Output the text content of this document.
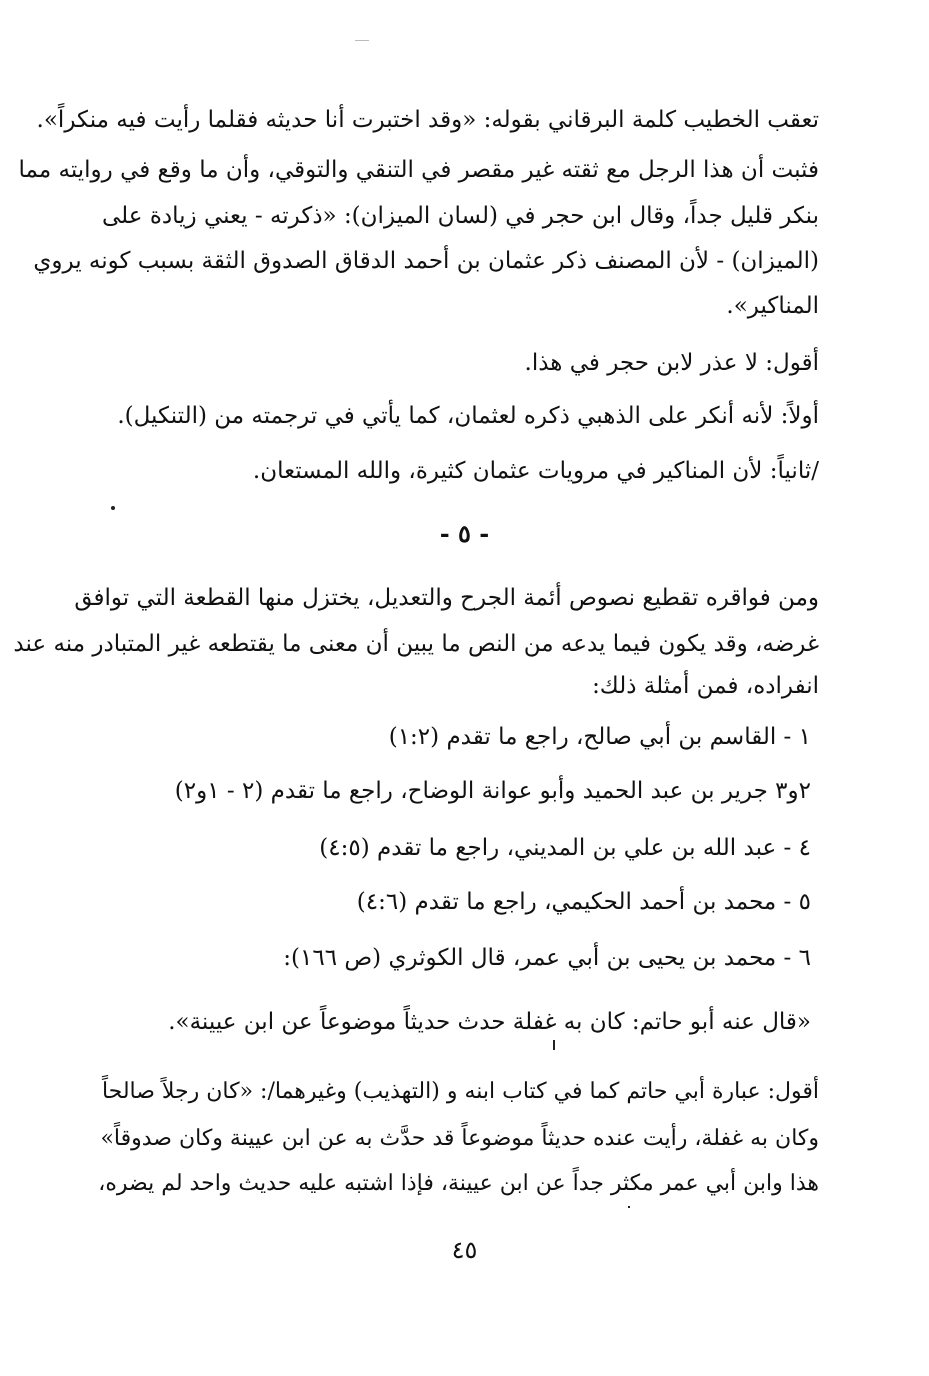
تعقب الخطيب كلمة البرقاني بقوله: «وقد اختبرت أنا حديثه فقلما رأيت فيه منكراً».
فثبت أن هذا الرجل مع ثقته غير مقصر في التنقي والتوقي، وأن ما وقع في روايته مما
بنكر قليل جداً، وقال ابن حجر في (لسان الميزان): «ذكرته - يعني زيادة على
(الميزان) - لأن المصنف ذكر عثمان بن أحمد الدقاق الصدوق الثقة بسبب كونه يروي
المناكير».
أقول: لا عذر لابن حجر في هذا.
أولاً: لأنه أنكر على الذهبي ذكره لعثمان، كما يأتي في ترجمته من (التنكيل).
/ثانياً: لأن المناكير في مرويات عثمان كثيرة، والله المستعان.
- ٥ -
ومن فواقره تقطيع نصوص أئمة الجرح والتعديل، يختزل منها القطعة التي توافق
غرضه، وقد يكون فيما يدعه من النص ما يبين أن معنى ما يقتطعه غير المتبادر منه عند
انفراده، فمن أمثلة ذلك:
١ - القاسم بن أبي صالح، راجع ما تقدم (١:٢)
٢و٣ جرير بن عبد الحميد وأبو عوانة الوضاح، راجع ما تقدم (٢ - ١و٢)
٤ - عبد الله بن علي بن المديني، راجع ما تقدم (٤:٥)
٥ - محمد بن أحمد الحكيمي، راجع ما تقدم (٤:٦)
٦ - محمد بن يحيى بن أبي عمر، قال الكوثري (ص ١٦٦):
«قال عنه أبو حاتم: كان به غفلة حدث حديثاً موضوعاً عن ابن عيينة».
أقول: عبارة أبي حاتم كما في كتاب ابنه و (التهذيب) وغيرهما/: «كان رجلاً صالحاً
وكان به غفلة، رأيت عنده حديثاً موضوعاً قد حدَّث به عن ابن عيينة وكان صدوقاً»
هذا وابن أبي عمر مكثر جداً عن ابن عيينة، فإذا اشتبه عليه حديث واحد لم يضره،
٤٥
